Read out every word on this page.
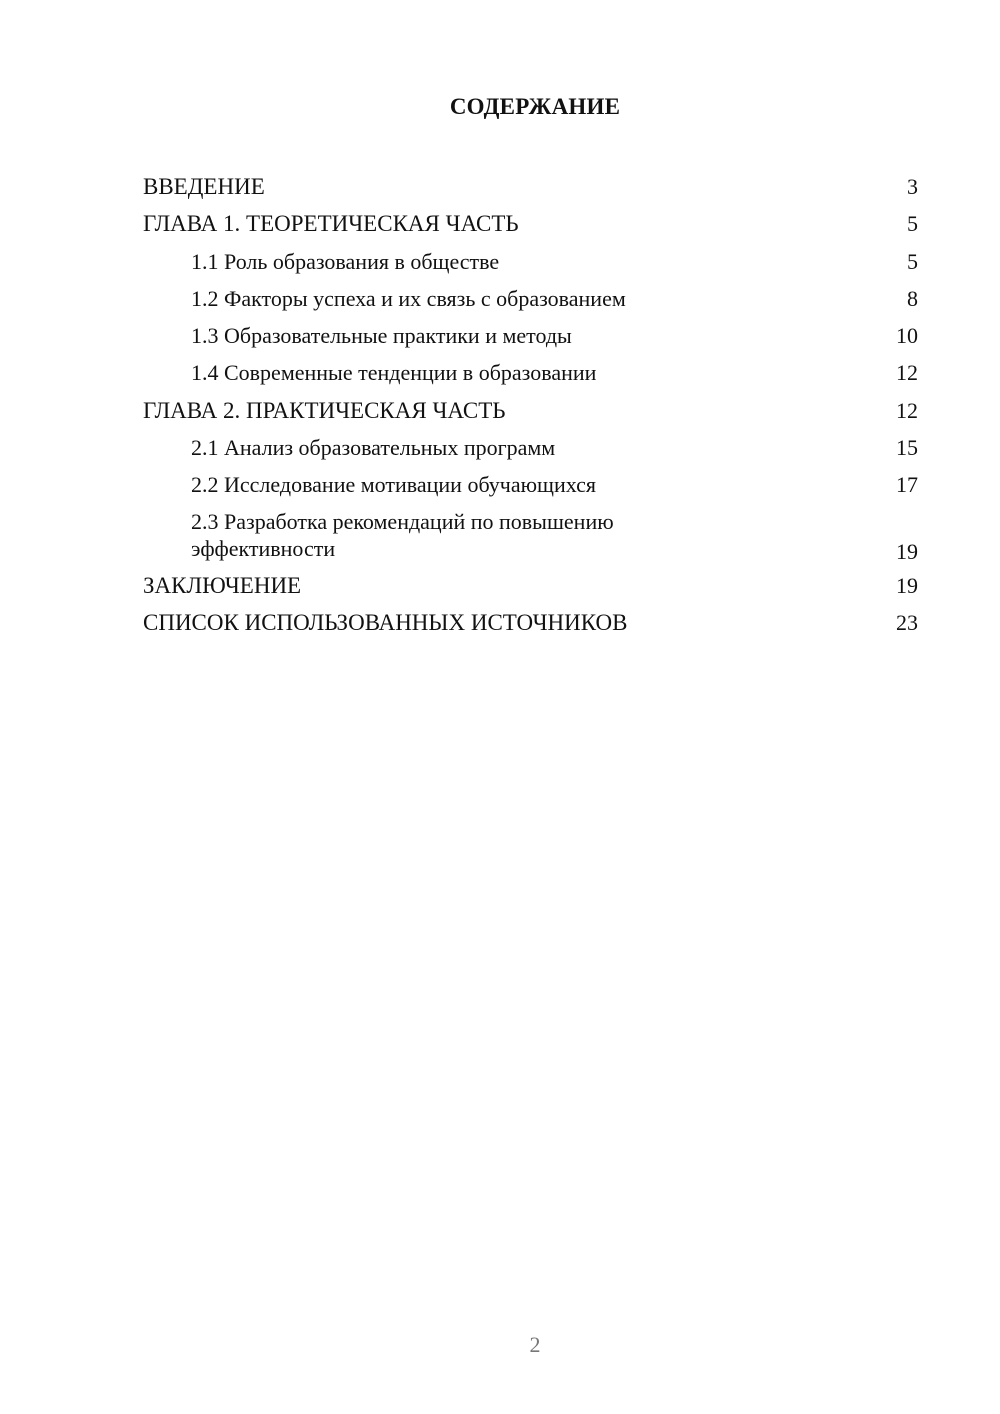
СОДЕРЖАНИЕ
ВВЕДЕНИЕ	3
ГЛАВА 1. ТЕОРЕТИЧЕСКАЯ ЧАСТЬ	5
1.1 Роль образования в обществе	5
1.2 Факторы успеха и их связь с образованием	8
1.3 Образовательные практики и методы	10
1.4 Современные тенденции в образовании	12
ГЛАВА 2. ПРАКТИЧЕСКАЯ ЧАСТЬ	12
2.1 Анализ образовательных программ	15
2.2 Исследование мотивации обучающихся	17
2.3 Разработка рекомендаций по повышению эффективности	19
ЗАКЛЮЧЕНИЕ	19
СПИСОК ИСПОЛЬЗОВАННЫХ ИСТОЧНИКОВ	23
2
